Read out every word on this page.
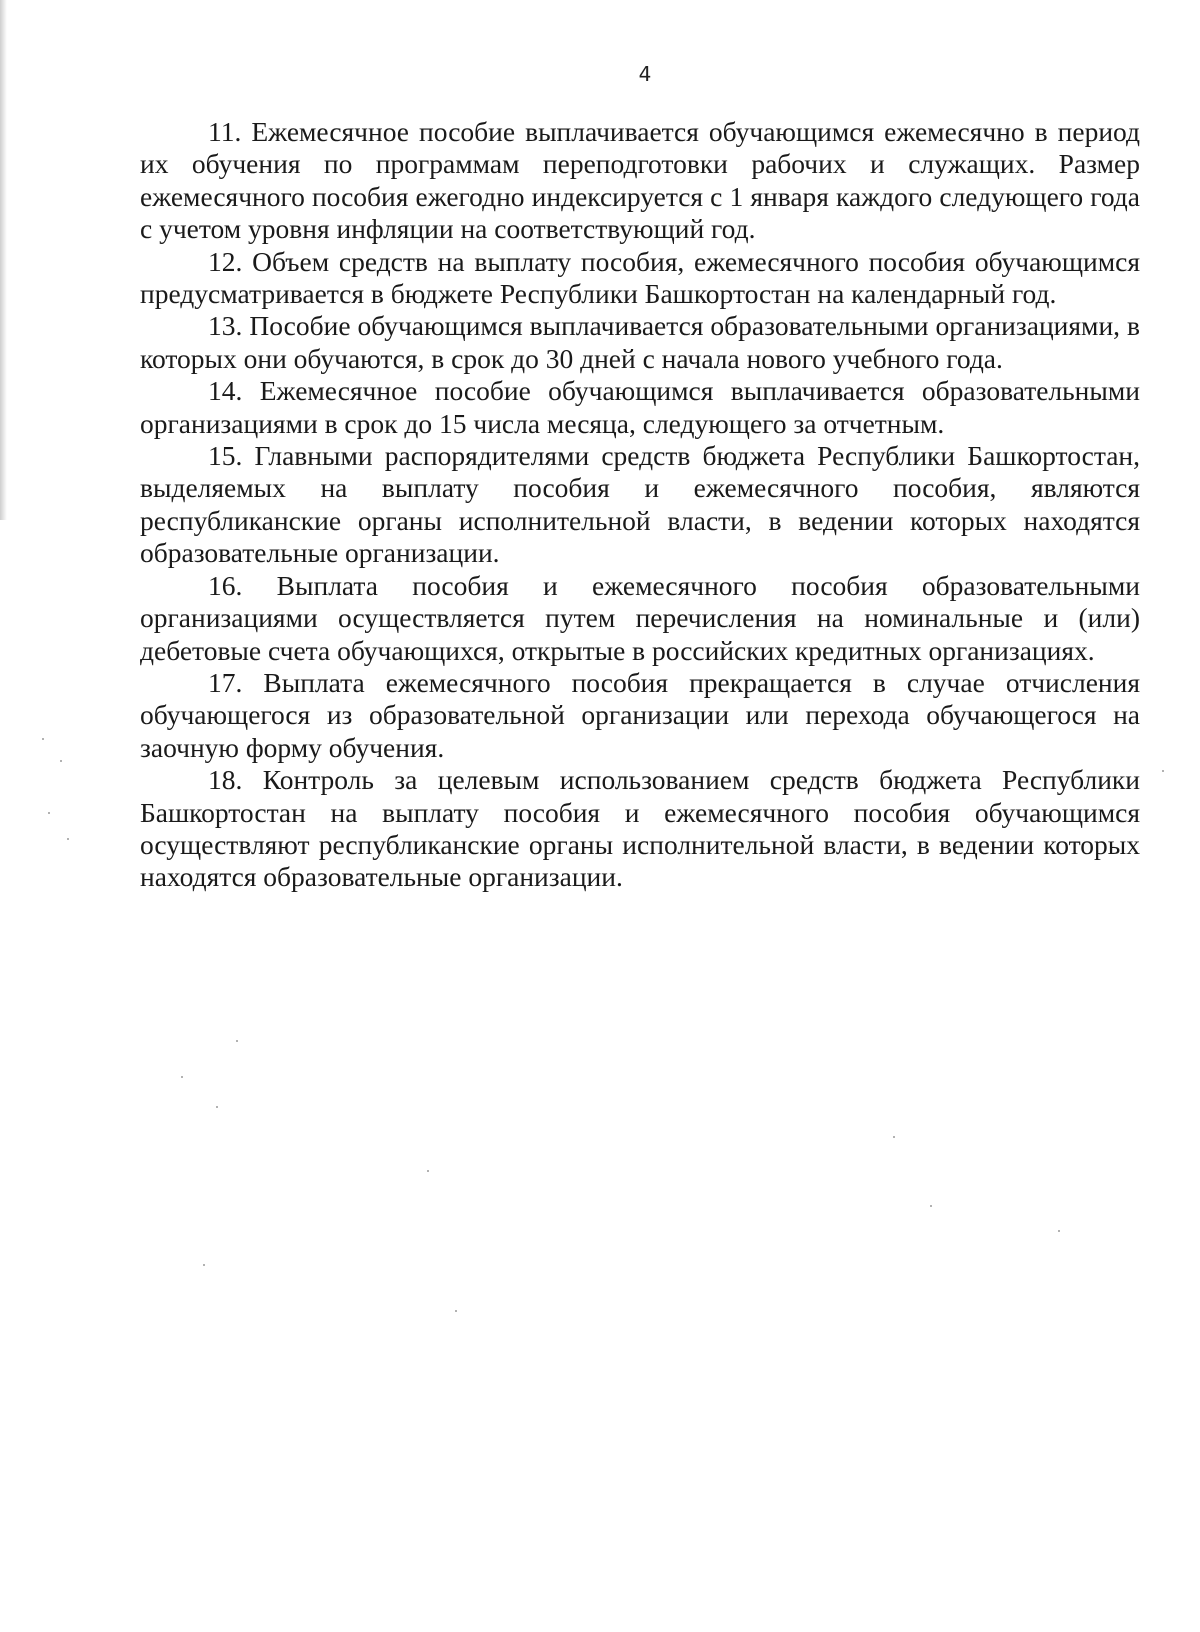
4

11. Ежемесячное пособие выплачивается обучающимся ежемесячно в период их обучения по программам переподготовки рабочих и служащих. Размер ежемесячного пособия ежегодно индексируется с 1 января каждого следующего года с учетом уровня инфляции на соответствующий год.

12. Объем средств на выплату пособия, ежемесячного пособия обучающимся предусматривается в бюджете Республики Башкортостан на календарный год.

13. Пособие обучающимся выплачивается образовательными организациями, в которых они обучаются, в срок до 30 дней с начала нового учебного года.

14. Ежемесячное пособие обучающимся выплачивается образовательными организациями в срок до 15 числа месяца, следующего за отчетным.

15. Главными распорядителями средств бюджета Республики Башкортостан, выделяемых на выплату пособия и ежемесячного пособия, являются республиканские органы исполнительной власти, в ведении которых находятся образовательные организации.

16. Выплата пособия и ежемесячного пособия образовательными организациями осуществляется путем перечисления на номинальные и (или) дебетовые счета обучающихся, открытые в российских кредитных организациях.

17. Выплата ежемесячного пособия прекращается в случае отчисления обучающегося из образовательной организации или перехода обучающегося на заочную форму обучения.

18. Контроль за целевым использованием средств бюджета Республики Башкортостан на выплату пособия и ежемесячного пособия обучающимся осуществляют республиканские органы исполнительной власти, в ведении которых находятся образовательные организации.
